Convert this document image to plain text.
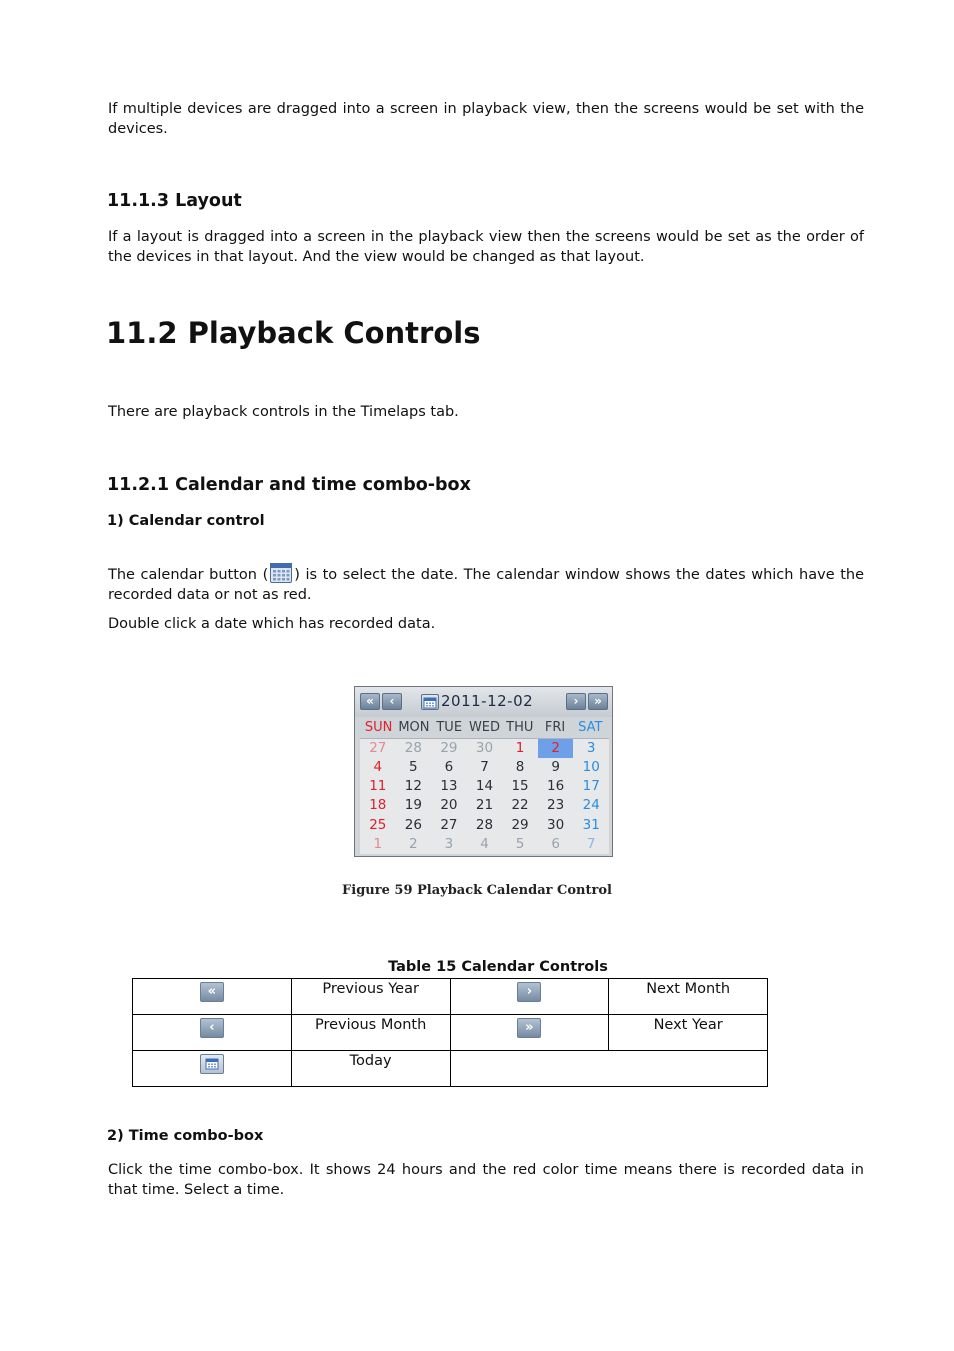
If multiple devices are dragged into a screen in playback view, then the screens would be set with the devices.

11.1.3 Layout

If a layout is dragged into a screen in the playback view then the screens would be set as the order of the devices in that layout. And the view would be changed as that layout.

11.2 Playback Controls

There are playback controls in the Timelaps tab.

11.2.1 Calendar and time combo-box
1) Calendar control

The calendar button ( ) is to select the date. The calendar window shows the dates which have the recorded data or not as red.

Double click a date which has recorded data.

«	‹	2011-12-02	›	»
SUN MON TUE WED THU FRI SAT
27	28	29	30	1	2	3
4	5	6	7	8	9	10
11	12	13	14	15	16	17
18	19	20	21	22	23	24
25	26	27	28	29	30	31
1	2	3	4	5	6	7
Figure 59 Playback Calendar Control
Table 15 Calendar Controls
«	Previous Year	›	Next Month
‹	Previous Month	»	Next Year
	Today		
2) Time combo-box

Click the time combo-box. It shows 24 hours and the red color time means there is recorded data in that time. Select a time.
